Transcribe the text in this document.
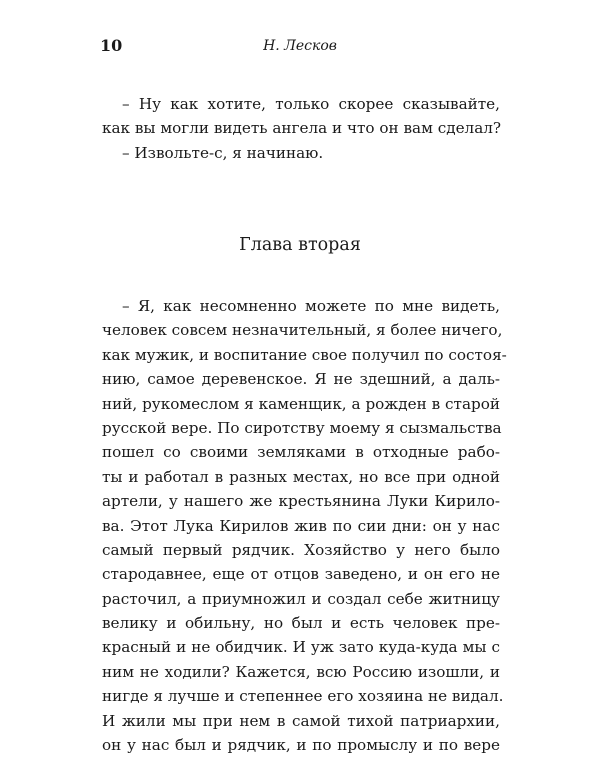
10	Н. Лесков
– Ну как хотите, только скорее сказывайте,
как вы могли видеть ангела и что он вам сделал?
– Извольте-с, я начинаю.
Глава вторая
– Я, как несомненно можете по мне видеть,
человек совсем незначительный, я более ничего,
как мужик, и воспитание свое получил по состоя-
нию, самое деревенское. Я не здешний, а даль-
ний, рукомеслом я каменщик, а рожден в старой
русской вере. По сиротству моему я сызмальства
пошел со своими земляками в отходные рабо-
ты и работал в разных местах, но все при одной
артели, у нашего же крестьянина Луки Кирило-
ва. Этот Лука Кирилов жив по сии дни: он у нас
самый первый рядчик. Хозяйство у него было
стародавнее, еще от отцов заведено, и он его не
расточил, а приумножил и создал себе житницу
велику и обильну, но был и есть человек пре-
красный и не обидчик. И уж зато куда-куда мы с
ним не ходили? Кажется, всю Россию изошли, и
нигде я лучше и степеннее его хозяина не видал.
И жили мы при нем в самой тихой патриархии,
он у нас был и рядчик, и по промыслу и по вере
